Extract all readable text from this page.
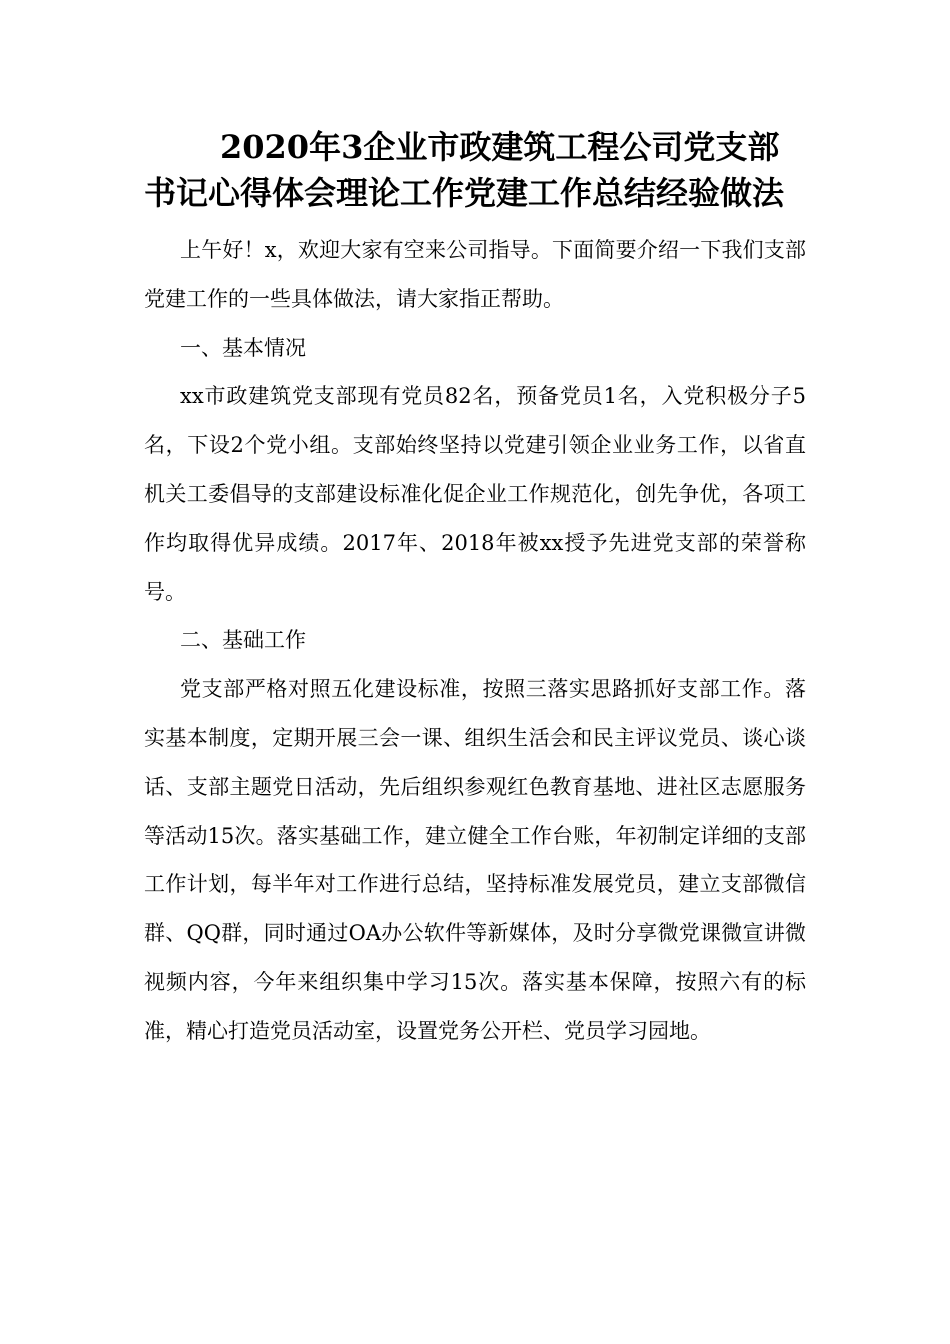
2020年3企业市政建筑工程公司党支部书记心得体会理论工作党建工作总结经验做法

上午好！x，欢迎大家有空来公司指导。下面简要介绍一下我们支部党建工作的一些具体做法，请大家指正帮助。

一、基本情况

xx市政建筑党支部现有党员82名，预备党员1名，入党积极分子5名，下设2个党小组。支部始终坚持以党建引领企业业务工作，以省直机关工委倡导的支部建设标准化促企业工作规范化，创先争优，各项工作均取得优异成绩。2017年、2018年被xx授予先进党支部的荣誉称号。

二、基础工作

党支部严格对照五化建设标准，按照三落实思路抓好支部工作。落实基本制度，定期开展三会一课、组织生活会和民主评议党员、谈心谈话、支部主题党日活动，先后组织参观红色教育基地、进社区志愿服务等活动15次。落实基础工作，建立健全工作台账，年初制定详细的支部工作计划，每半年对工作进行总结，坚持标准发展党员，建立支部微信群、QQ群，同时通过OA办公软件等新媒体，及时分享微党课微宣讲微视频内容，今年来组织集中学习15次。落实基本保障，按照六有的标准，精心打造党员活动室，设置党务公开栏、党员学习园地。
